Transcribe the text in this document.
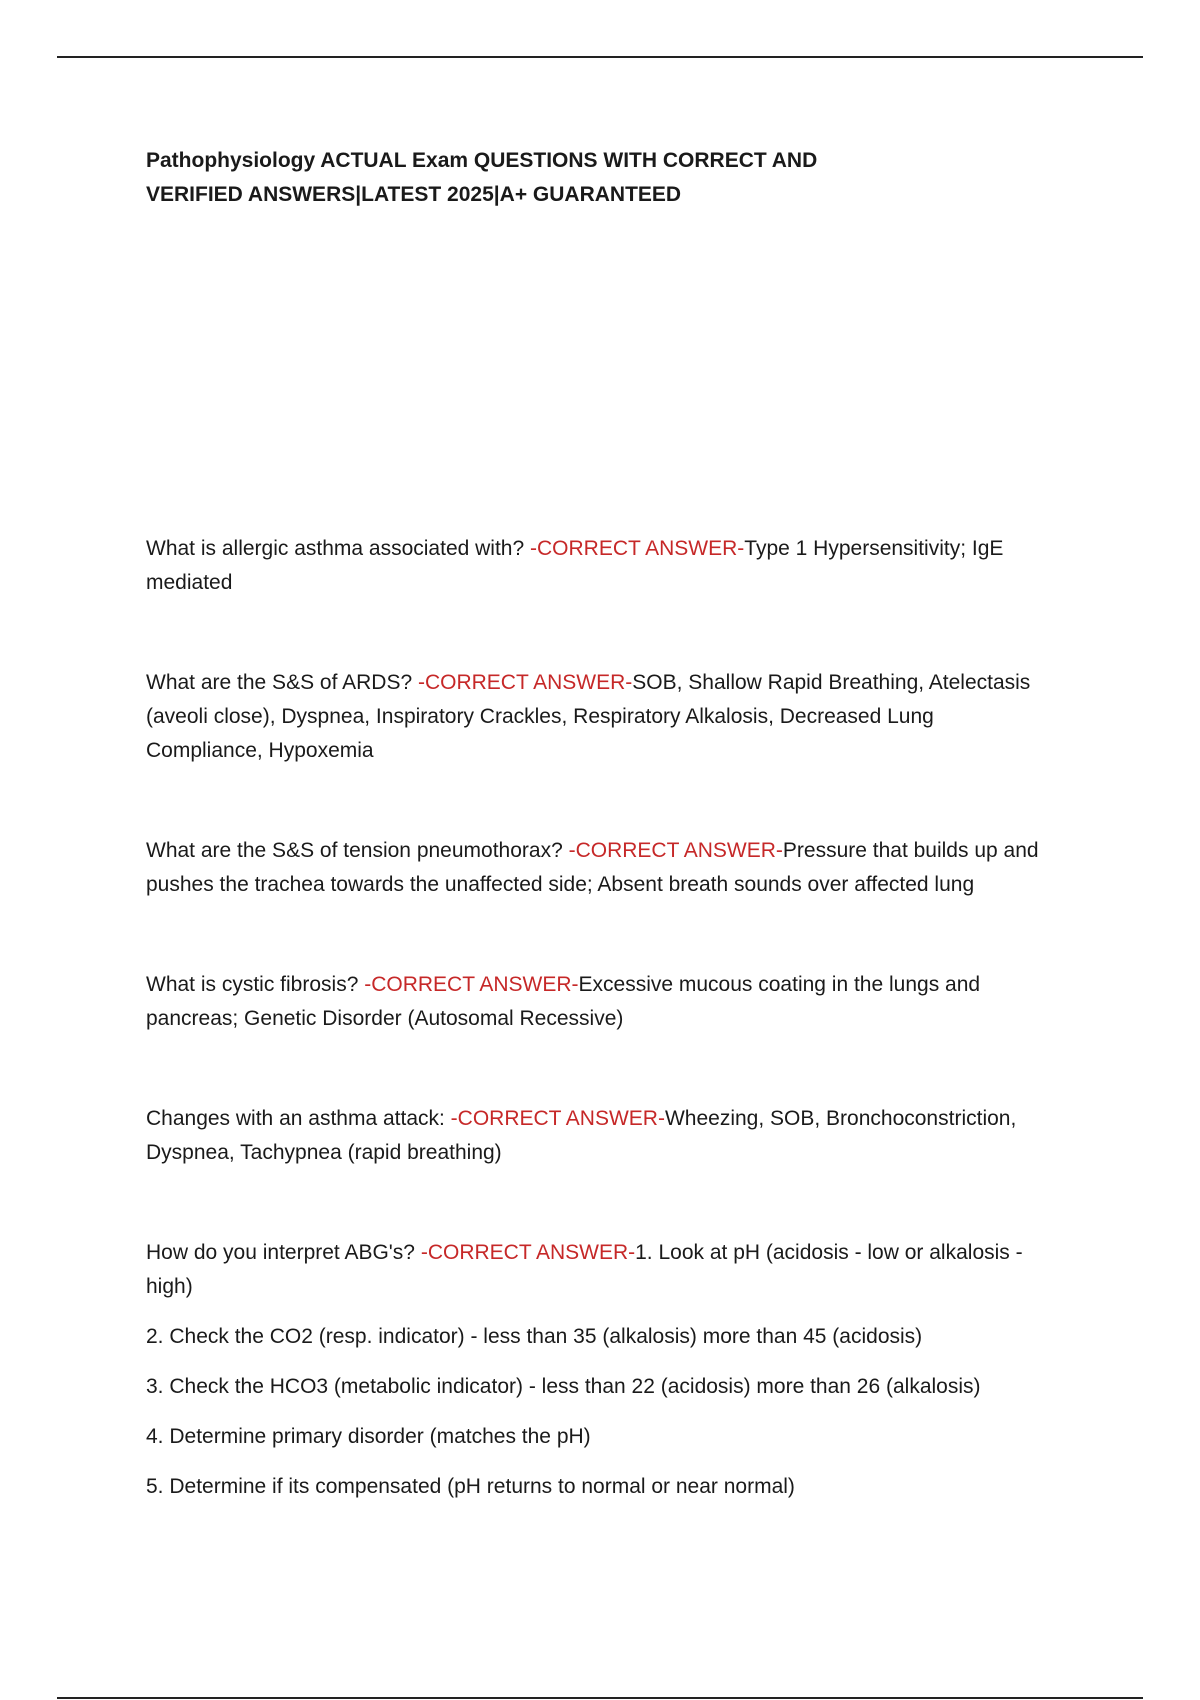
Pathophysiology ACTUAL Exam QUESTIONS WITH CORRECT AND VERIFIED ANSWERS|LATEST 2025|A+ GUARANTEED

What is allergic asthma associated with? -CORRECT ANSWER-Type 1 Hypersensitivity; IgE mediated

What are the S&S of ARDS? -CORRECT ANSWER-SOB, Shallow Rapid Breathing, Atelectasis (aveoli close), Dyspnea, Inspiratory Crackles, Respiratory Alkalosis, Decreased Lung Compliance, Hypoxemia

What are the S&S of tension pneumothorax? -CORRECT ANSWER-Pressure that builds up and pushes the trachea towards the unaffected side; Absent breath sounds over affected lung

What is cystic fibrosis? -CORRECT ANSWER-Excessive mucous coating in the lungs and pancreas; Genetic Disorder (Autosomal Recessive)

Changes with an asthma attack: -CORRECT ANSWER-Wheezing, SOB, Bronchoconstriction, Dyspnea, Tachypnea (rapid breathing)

How do you interpret ABG's? -CORRECT ANSWER-1. Look at pH (acidosis - low or alkalosis - high)
2. Check the CO2 (resp. indicator) - less than 35 (alkalosis) more than 45 (acidosis)
3. Check the HCO3 (metabolic indicator) - less than 22 (acidosis) more than 26 (alkalosis)
4. Determine primary disorder (matches the pH)
5. Determine if its compensated (pH returns to normal or near normal)
